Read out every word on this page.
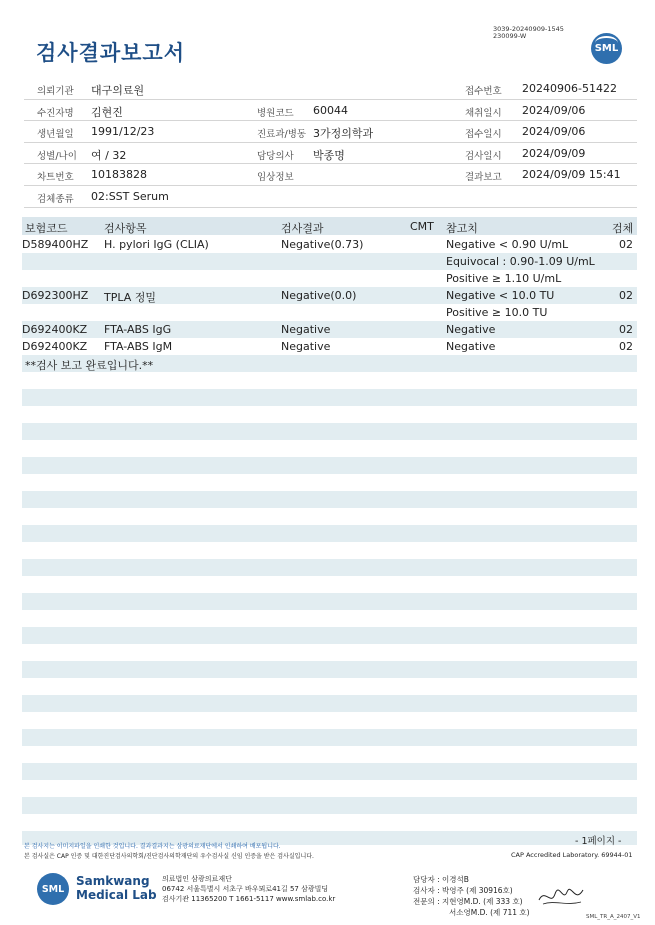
3039-20240909-1545
230099-W
검사결과보고서	SML
의뢰기관 대구의료원	접수번호 20240906-51422
수진자명 김현진	병원코드 60044	채취일시 2024/09/06
생년월일 1991/12/23	진료과/병동 3가정의학과	접수일시 2024/09/06
성별/나이 여 / 32	담당의사 박종명	검사일시 2024/09/09
차트번호 10183828	임상정보	결과보고 2024/09/09 15:41
검체종류 02:SST Serum
보험코드	검사항목	검사결과	CMT 참고치	검체
D589400HZ H. pylori IgG (CLIA)	Negative(0.73)	Negative < 0.90 U/mL	02
Equivocal : 0.90-1.09 U/mL
Positive ≥ 1.10 U/mL
D692300HZ TPLA 정밀	Negative(0.0)	Negative < 10.0 TU	02
Positive ≥ 10.0 TU
D692400KZ FTA-ABS IgG	Negative	Negative	02
D692400KZ FTA-ABS IgM	Negative	Negative	02
**검사 보고 완료입니다.**
- 1페이지 -
본 검사지는 이미지파일을 인쇄한 것입니다. 결과결과지는 삼광의료재단에서 인쇄하여 배포됩니다.
본 검사실은 CAP 인증 및 대한진단검사의학회/진단검사의학재단의 우수검사실 신임 인증을 받은 검사실입니다.	CAP Accredited Laboratory. 69944-01
SML
Samkwang
Medical Lab
의료법인 삼광의료재단
06742 서울특별시 서초구 바우뫼로41길 57 삼광빌딩
검사기관 11365200 T 1661-5117 www.smlab.co.kr
담당자 : 이경석B
검사자 : 박영주 (제 30916호)
전문의 : 지현영M.D. (제 333 호)
서소영M.D. (제 711 호)	SML_TR_A_2407_V1
